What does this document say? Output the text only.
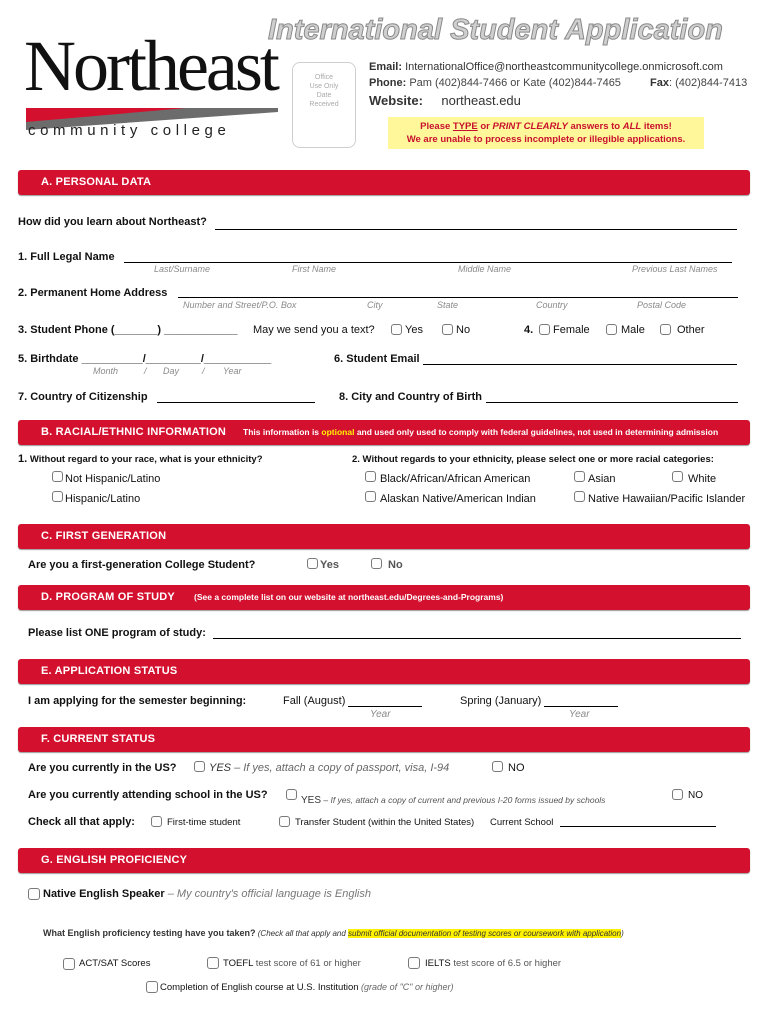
International Student Application
Northeast
community college
Office
Use Only
Date
Received
Email: InternationalOffice@northeastcommunitycollege.onmicrosoft.com
Phone: Pam (402)844-7466 or Kate (402)844-7465	Fax: (402)844-7413
Website: northeast.edu
Please TYPE or PRINT CLEARLY answers to ALL items!
We are unable to process incomplete or illegible applications.
A. PERSONAL DATA
How did you learn about Northeast?
1. Full Legal Name
Last/Surname	First Name	Middle Name	Previous Last Names
2. Permanent Home Address
Number and Street/P.O. Box	City	State	Country	Postal Code
3. Student Phone (_______) ____________ May we send you a text?	Yes	No	4. Female	Male	Other
5. Birthdate __________/_________/___________
Month	/ Day	/ Year
6. Student Email
7. Country of Citizenship	8. City and Country of Birth
B. RACIAL/ETHNIC INFORMATION This information is optional and used only used to comply with federal guidelines, not used in determining admission
1. Without regard to your race, what is your ethnicity?
Not Hispanic/Latino
Hispanic/Latino
2. Without regards to your ethnicity, please select one or more racial categories:
Black/African/African American	Asian	White
Alaskan Native/American Indian	Native Hawaiian/Pacific Islander
C. FIRST GENERATION
Are you a first-generation College Student?	Yes	No
D. PROGRAM OF STUDY (See a complete list on our website at northeast.edu/Degrees-and-Programs)
Please list ONE program of study:
E. APPLICATION STATUS
I am applying for the semester beginning:	Fall (August)
Year
Spring (January)
Year
F. CURRENT STATUS
Are you currently in the US?	YES – If yes, attach a copy of passport, visa, I-94	NO
Are you currently attending school in the US?	YES – If yes, attach a copy of current and previous I-20 forms issued by schools	NO
Check all that apply:	First-time student	Transfer Student (within the United States) Current School
G. ENGLISH PROFICIENCY
Native English Speaker – My country's official language is English
What English proficiency testing have you taken? (Check all that apply and submit official documentation of testing scores or coursework with application)
ACT/SAT Scores	TOEFL test score of 61 or higher	IELTS test score of 6.5 or higher
Completion of English course at U.S. Institution (grade of "C" or higher)
